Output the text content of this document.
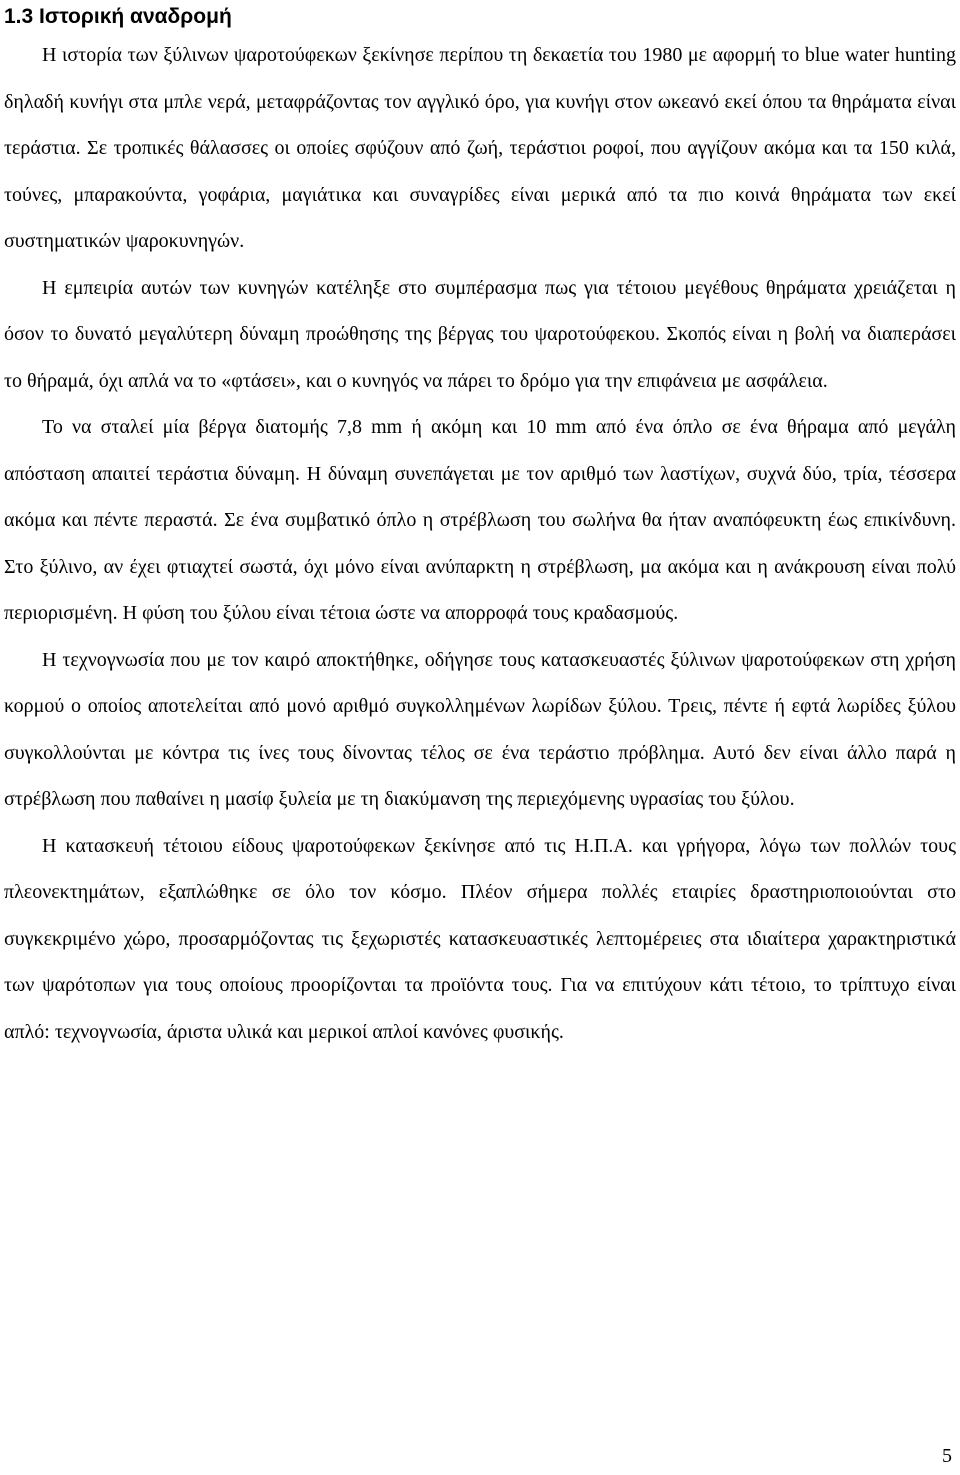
1.3 Ιστορική αναδρομή

Η ιστορία των ξύλινων ψαροτούφεκων ξεκίνησε περίπου τη δεκαετία του 1980 με αφορμή το blue water hunting δηλαδή κυνήγι στα μπλε νερά, μεταφράζοντας τον αγγλικό όρο, για κυνήγι στον ωκεανό εκεί όπου τα θηράματα είναι τεράστια. Σε τροπικές θάλασσες οι οποίες σφύζουν από ζωή, τεράστιοι ροφοί, που αγγίζουν ακόμα και τα 150 κιλά, τούνες, μπαρακούντα, γοφάρια, μαγιάτικα και συναγρίδες είναι μερικά από τα πιο κοινά θηράματα των εκεί συστηματικών ψαροκυνηγών.

Η εμπειρία αυτών των κυνηγών κατέληξε στο συμπέρασμα πως για τέτοιου μεγέθους θηράματα χρειάζεται η όσον το δυνατό μεγαλύτερη δύναμη προώθησης της βέργας του ψαροτούφεκου. Σκοπός είναι η βολή να διαπεράσει το θήραμά, όχι απλά να το «φτάσει», και ο κυνηγός να πάρει το δρόμο για την επιφάνεια με ασφάλεια.

Το να σταλεί μία βέργα διατομής 7,8 mm ή ακόμη και 10 mm από ένα όπλο σε ένα θήραμα από μεγάλη απόσταση απαιτεί τεράστια δύναμη. Η δύναμη συνεπάγεται με τον αριθμό των λαστίχων, συχνά δύο, τρία, τέσσερα ακόμα και πέντε περαστά. Σε ένα συμβατικό όπλο η στρέβλωση του σωλήνα θα ήταν αναπόφευκτη έως επικίνδυνη. Στο ξύλινο, αν έχει φτιαχτεί σωστά, όχι μόνο είναι ανύπαρκτη η στρέβλωση, μα ακόμα και η ανάκρουση είναι πολύ περιορισμένη. Η φύση του ξύλου είναι τέτοια ώστε να απορροφά τους κραδασμούς.

Η τεχνογνωσία που με τον καιρό αποκτήθηκε, οδήγησε τους κατασκευαστές ξύλινων ψαροτούφεκων στη χρήση κορμού ο οποίος αποτελείται από μονό αριθμό συγκολλημένων λωρίδων ξύλου. Τρεις, πέντε ή εφτά λωρίδες ξύλου συγκολλούνται με κόντρα τις ίνες τους δίνοντας τέλος σε ένα τεράστιο πρόβλημα. Αυτό δεν είναι άλλο παρά η στρέβλωση που παθαίνει η μασίφ ξυλεία με τη διακύμανση της περιεχόμενης υγρασίας του ξύλου.

Η κατασκευή τέτοιου είδους ψαροτούφεκων ξεκίνησε από τις Η.Π.Α. και γρήγορα, λόγω των πολλών τους πλεονεκτημάτων, εξαπλώθηκε σε όλο τον κόσμο. Πλέον σήμερα πολλές εταιρίες δραστηριοποιούνται στο συγκεκριμένο χώρο, προσαρμόζοντας τις ξεχωριστές κατασκευαστικές λεπτομέρειες στα ιδιαίτερα χαρακτηριστικά των ψαρότοπων για τους οποίους προορίζονται τα προϊόντα τους. Για να επιτύχουν κάτι τέτοιο, το τρίπτυχο είναι απλό: τεχνογνωσία, άριστα υλικά και μερικοί απλοί κανόνες φυσικής.

5
